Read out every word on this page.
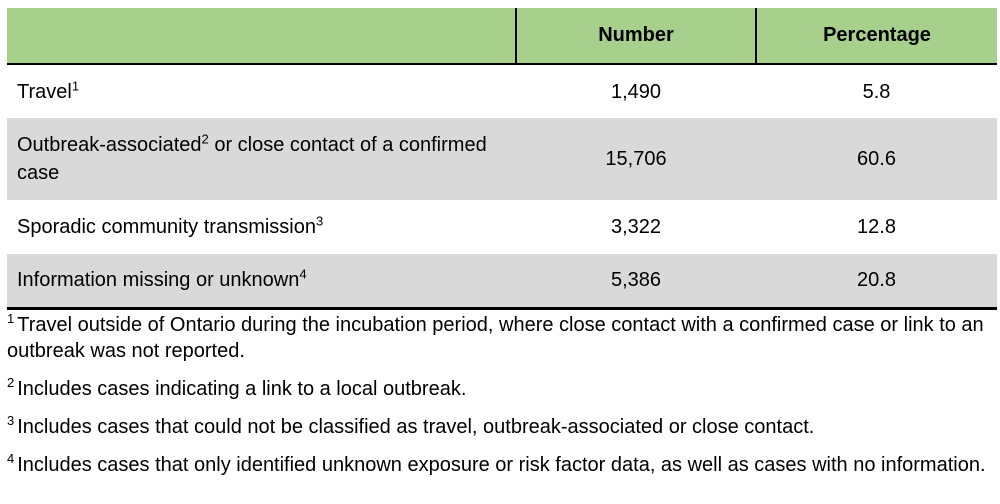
	Number	Percentage
Travel$^1$	1,490	5.8
Outbreak-associated$^2$ or close contact of a confirmed case	15,706	60.6
Sporadic community transmission$^3$	3,322	12.8
Information missing or unknown$^4$	5,386	20.8

$^1$ Travel outside of Ontario during the incubation period, where close contact with a confirmed case or link to an outbreak was not reported.

$^2$ Includes cases indicating a link to a local outbreak.

$^3$ Includes cases that could not be classified as travel, outbreak-associated or close contact.

$^4$ Includes cases that only identified unknown exposure or risk factor data, as well as cases with no information.
